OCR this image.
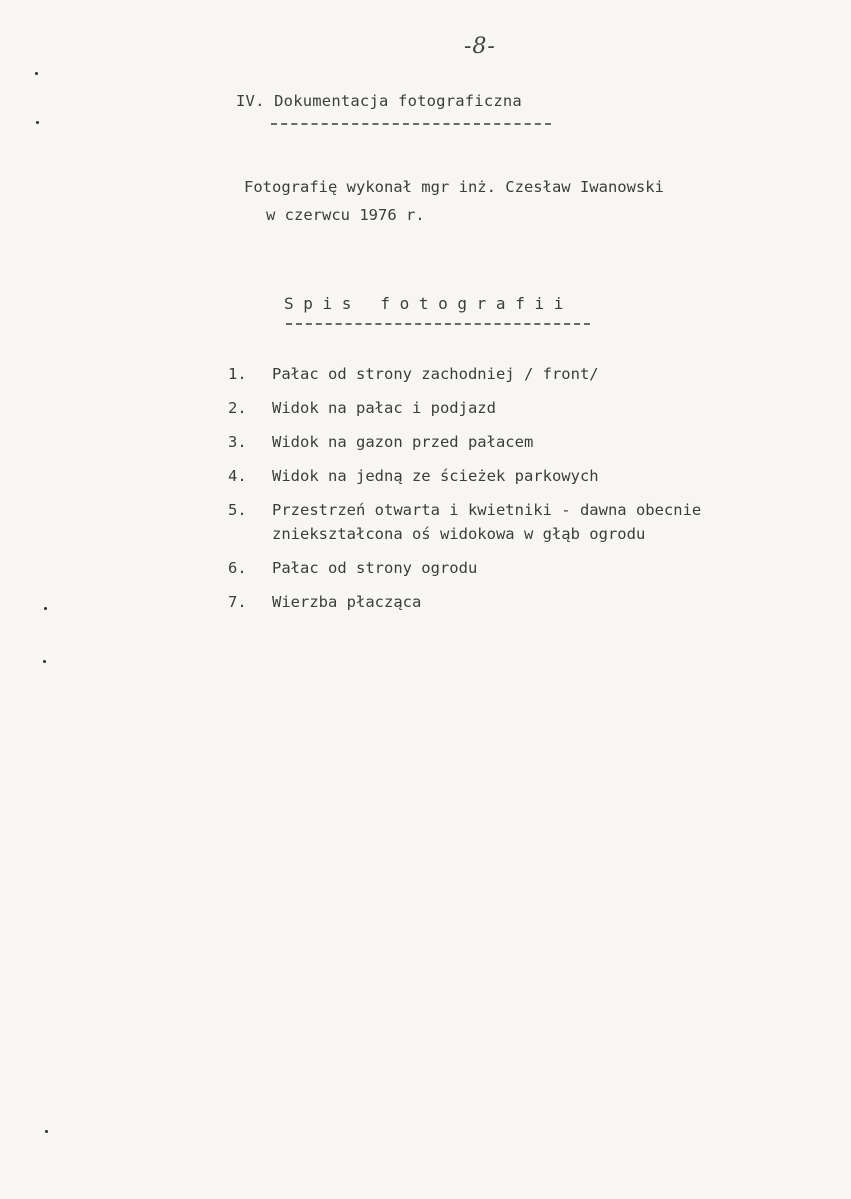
-8-
IV. Dokumentacja fotograficzna
Fotografię wykonał mgr inż. Czesław Iwanowski
w czerwcu 1976 r.
S p i s   f o t o g r a f i i
1.	Pałac od strony zachodniej / front/
2.	Widok na pałac i podjazd
3.	Widok na gazon przed pałacem
4.	Widok na jedną ze ścieżek parkowych
5.	Przestrzeń otwarta i kwietniki - dawna obecnie zniekształcona oś widokowa w głąb ogrodu
6.	Pałac od strony ogrodu
7.	Wierzba płacząca
